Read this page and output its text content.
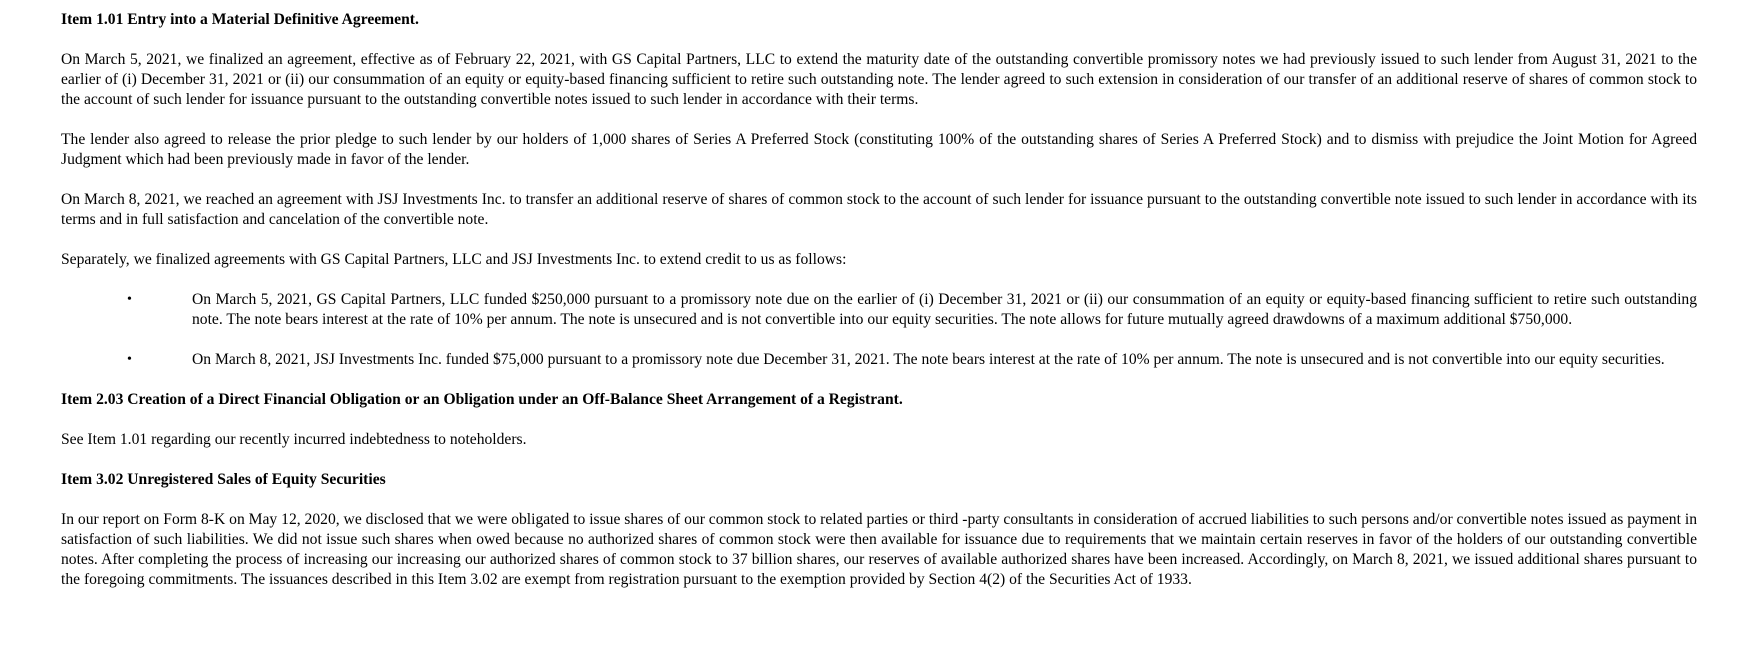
Item 1.01 Entry into a Material Definitive Agreement.

On March 5, 2021, we finalized an agreement, effective as of February 22, 2021, with GS Capital Partners, LLC to extend the maturity date of the outstanding convertible promissory notes we had previously issued to such lender from August 31, 2021 to the earlier of (i) December 31, 2021 or (ii) our consummation of an equity or equity-based financing sufficient to retire such outstanding note. The lender agreed to such extension in consideration of our transfer of an additional reserve of shares of common stock to the account of such lender for issuance pursuant to the outstanding convertible notes issued to such lender in accordance with their terms.

The lender also agreed to release the prior pledge to such lender by our holders of 1,000 shares of Series A Preferred Stock (constituting 100% of the outstanding shares of Series A Preferred Stock) and to dismiss with prejudice the Joint Motion for Agreed Judgment which had been previously made in favor of the lender.

On March 8, 2021, we reached an agreement with JSJ Investments Inc. to transfer an additional reserve of shares of common stock to the account of such lender for issuance pursuant to the outstanding convertible note issued to such lender in accordance with its terms and in full satisfaction and cancelation of the convertible note.

Separately, we finalized agreements with GS Capital Partners, LLC and JSJ Investments Inc. to extend credit to us as follows:

•	On March 5, 2021, GS Capital Partners, LLC funded $250,000 pursuant to a promissory note due on the earlier of (i) December 31, 2021 or (ii) our consummation of an equity or equity-based financing sufficient to retire such outstanding note. The note bears interest at the rate of 10% per annum. The note is unsecured and is not convertible into our equity securities. The note allows for future mutually agreed drawdowns of a maximum additional $750,000.
•	On March 8, 2021, JSJ Investments Inc. funded $75,000 pursuant to a promissory note due December 31, 2021. The note bears interest at the rate of 10% per annum. The note is unsecured and is not convertible into our equity securities.
Item 2.03 Creation of a Direct Financial Obligation or an Obligation under an Off-Balance Sheet Arrangement of a Registrant.

See Item 1.01 regarding our recently incurred indebtedness to noteholders.

Item 3.02 Unregistered Sales of Equity Securities

In our report on Form 8-K on May 12, 2020, we disclosed that we were obligated to issue shares of our common stock to related parties or third -party consultants in consideration of accrued liabilities to such persons and/or convertible notes issued as payment in satisfaction of such liabilities. We did not issue such shares when owed because no authorized shares of common stock were then available for issuance due to requirements that we maintain certain reserves in favor of the holders of our outstanding convertible notes. After completing the process of increasing our increasing our authorized shares of common stock to 37 billion shares, our reserves of available authorized shares have been increased. Accordingly, on March 8, 2021, we issued additional shares pursuant to the foregoing commitments. The issuances described in this Item 3.02 are exempt from registration pursuant to the exemption provided by Section 4(2) of the Securities Act of 1933.
